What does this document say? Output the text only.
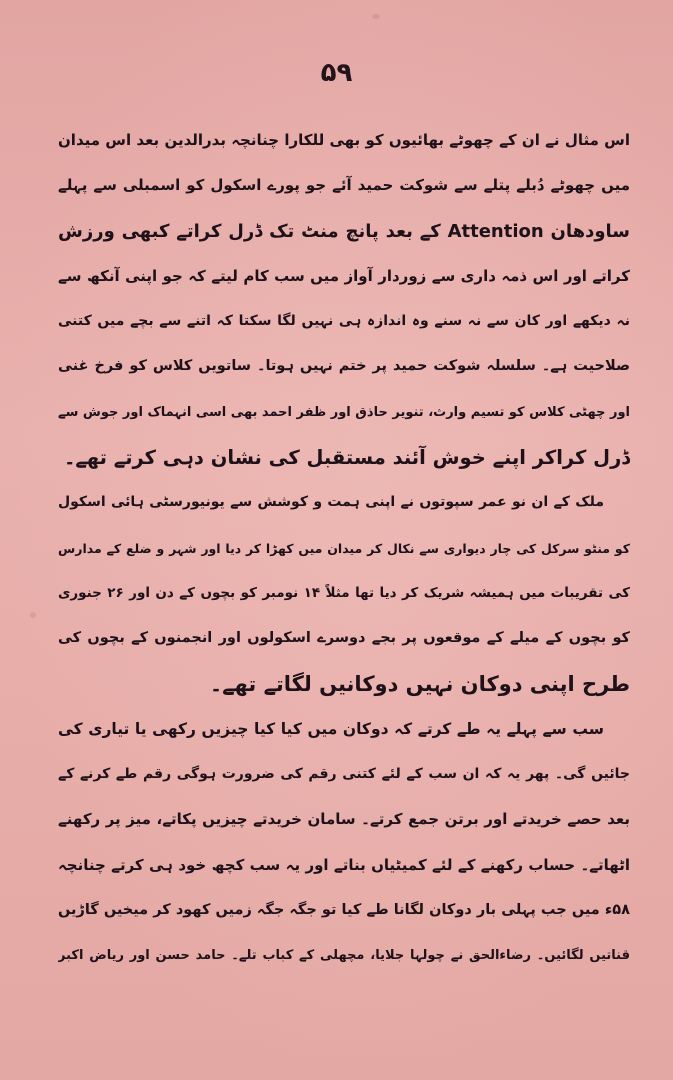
۵۹
اس مثال نے ان کے چھوٹے بھائیوں کو بھی للکارا چنانچہ بدرالدین بعد اس میدان
میں چھوٹے دُبلے پتلے سے شوکت حمید آئے جو پورے اسکول کو اسمبلی سے پہلے
ساودھان Attention کے بعد پانچ منٹ تک ڈرل کراتے کبھی ورزش
کراتے اور اس ذمہ داری سے زوردار آواز میں سب کام لیتے کہ جو اپنی آنکھ سے
نہ دیکھے اور کان سے نہ سنے وہ اندازہ ہی نہیں لگا سکتا کہ اتنے سے بچے میں کتنی
صلاحیت ہے۔ سلسلہ شوکت حمید پر ختم نہیں ہوتا۔ ساتویں کلاس کو فرخ غنی
اور چھٹی کلاس کو تسیم وارث، تنویر حاذق اور ظفر احمد بھی اسی انہماک اور جوش سے
ڈرل کراکر اپنے خوش آئند مستقبل کی نشان دہی کرتے تھے۔
ملک کے ان نو عمر سپوتوں نے اپنی ہمت و کوشش سے یونیورسٹی ہائی اسکول
کو منٹو سرکل کی چار دیواری سے نکال کر میدان میں کھڑا کر دیا اور شہر و ضلع کے مدارس
کی تقریبات میں ہمیشہ شریک کر دیا تھا مثلاً ۱۴ نومبر کو بچوں کے دن اور ۲۶ جنوری
کو بچوں کے میلے کے موقعوں پر بجے دوسرے اسکولوں اور انجمنوں کے بچوں کی
طرح اپنی دوکان نہیں دوکانیں لگاتے تھے۔
سب سے پہلے یہ طے کرتے کہ دوکان میں کیا کیا چیزیں رکھی یا تیاری کی
جائیں گی۔ پھر یہ کہ ان سب کے لئے کتنی رقم کی ضرورت ہوگی رقم طے کرنے کے
بعد حصے خریدتے اور برتن جمع کرتے۔ سامان خریدتے چیزیں پکاتے، میز پر رکھنے
اٹھاتے۔ حساب رکھنے کے لئے کمیٹیاں بناتے اور یہ سب کچھ خود ہی کرتے چنانچہ
۵۸ء میں جب پہلی بار دوکان لگانا طے کیا تو جگہ جگہ زمیں کھود کر میخیں گاڑیں
قناتیں لگائیں۔ رضاءالحق نے چولہا جلایا، مچھلی کے کباب تلے۔ حامد حسن اور ریاض اکبر
